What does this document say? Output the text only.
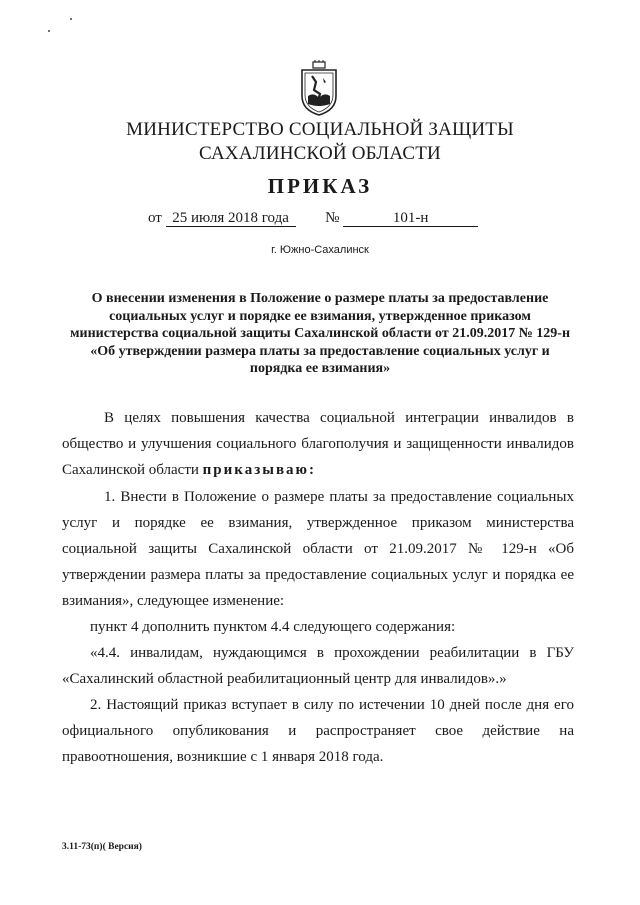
МИНИСТЕРСТВО СОЦИАЛЬНОЙ ЗАЩИТЫ
САХАЛИНСКОЙ ОБЛАСТИ
ПРИКАЗ
от 25 июля 2018 года №	101-н
г. Южно-Сахалинск
О внесении изменения в Положение о размере платы за предоставление социальных услуг и порядке ее взимания, утвержденное приказом министерства социальной защиты Сахалинской области от 21.09.2017 № 129-н «Об утверждении размера платы за предоставление социальных услуг и порядка ее взимания»
В целях повышения качества социальной интеграции инвалидов в общество и улучшения социального благополучия и защищенности инвалидов Сахалинской области приказываю:
1. Внести в Положение о размере платы за предоставление социальных услуг и порядке ее взимания, утвержденное приказом министерства социальной защиты Сахалинской области от 21.09.2017 № 129-н «Об утверждении размера платы за предоставление социальных услуг и порядка ее взимания», следующее изменение:
пункт 4 дополнить пунктом 4.4 следующего содержания:
«4.4. инвалидам, нуждающимся в прохождении реабилитации в ГБУ «Сахалинский областной реабилитационный центр для инвалидов».»
2. Настоящий приказ вступает в силу по истечении 10 дней после дня его официального опубликования и распространяет свое действие на правоотношения, возникшие с 1 января 2018 года.
3.11-73(п)( Версия)
